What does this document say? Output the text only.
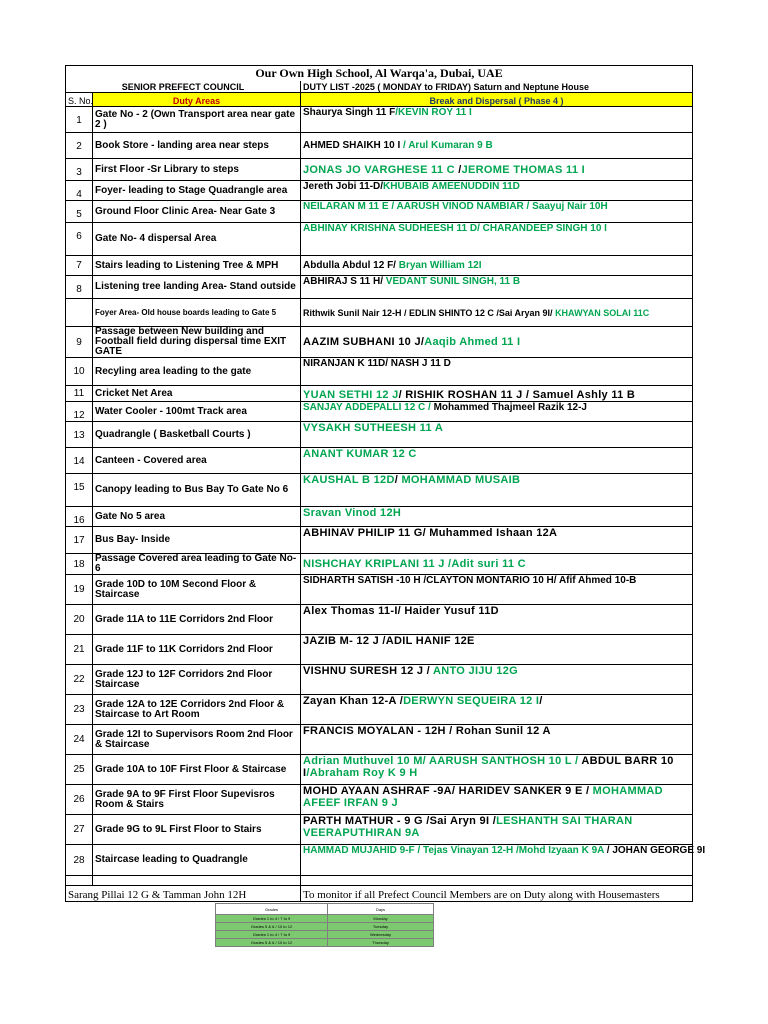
Our Own High School, Al Warqa'a, Dubai, UAE		
SENIOR PREFECT COUNCIL		DUTY LIST -2025 ( MONDAY to FRIDAY) Saturn and Neptune House
S. No.	Duty Areas	Break and Dispersal ( Phase 4 )
1	Gate No - 2 (Own Transport area near gate 2 )	Shaurya Singh 11 F/KEVIN ROY 11 I
2	Book Store - landing area near steps	AHMED SHAIKH 10 I / Arul Kumaran 9 B
3	First Floor -Sr Library to steps	JONAS JO VARGHESE 11 C /JEROME THOMAS 11 I
4	Foyer- leading to Stage Quadrangle area	Jereth Jobi 11-D/KHUBAIB AMEENUDDIN 11D
5	Ground Floor Clinic Area- Near Gate 3	NEILARAN M 11 E / AARUSH VINOD NAMBIAR / Saayuj Nair 10H
6	Gate No- 4 dispersal Area	ABHINAY KRISHNA SUDHEESH 11 D/ CHARANDEEP SINGH 10 I
7	Stairs leading to Listening Tree & MPH	Abdulla Abdul 12 F/ Bryan William 12I
8	Listening tree landing Area- Stand outside	ABHIRAJ S 11 H/ VEDANT SUNIL SINGH, 11 B
	Foyer Area- Old house boards leading to Gate 5	Rithwik Sunil Nair 12-H / EDLIN SHINTO 12 C /Sai Aryan 9I/ KHAWYAN SOLAI 11C
9	Passage between New building and Football field during dispersal time EXIT GATE	AAZIM SUBHANI 10 J/Aaqib Ahmed 11 I
10	Recyling area leading to the gate	NIRANJAN K 11D/ NASH J 11 D
11	Cricket Net Area	YUAN SETHI 12 J/ RISHIK ROSHAN 11 J / Samuel Ashly 11 B
12	Water Cooler - 100mt Track area	SANJAY ADDEPALLI 12 C / Mohammed Thajmeel Razik 12-J
13	Quadrangle ( Basketball Courts )	VYSAKH SUTHEESH 11 A
14	Canteen - Covered area	ANANT KUMAR 12 C
15	Canopy leading to Bus Bay To Gate No 6	KAUSHAL B 12D/ MOHAMMAD MUSAIB
16	Gate No 5 area	Sravan Vinod 12H
17	Bus Bay- Inside	ABHINAV PHILIP 11 G/ Muhammed Ishaan 12A
18	Passage Covered area leading to Gate No-6	NISHCHAY KRIPLANI 11 J /Adit suri 11 C
19	Grade 10D to 10M Second Floor & Staircase	SIDHARTH SATISH -10 H /CLAYTON MONTARIO 10 H/ Afif Ahmed 10-B
20	Grade 11A to 11E Corridors 2nd Floor	Alex Thomas 11-I/ Haider Yusuf 11D
21	Grade 11F to 11K Corridors 2nd Floor	JAZIB M- 12 J /ADIL HANIF 12E
22	Grade 12J to 12F Corridors 2nd Floor Staircase	VISHNU SURESH 12 J / ANTO JIJU 12G
23	Grade 12A to 12E Corridors 2nd Floor & Staircase to Art Room	Zayan Khan 12-A /DERWYN SEQUEIRA 12 I/
24	Grade 12I to Supervisors Room 2nd Floor & Staircase	FRANCIS MOYALAN - 12H / Rohan Sunil 12 A
25	Grade 10A to 10F First Floor & Staircase	Adrian Muthuvel 10 M/ AARUSH SANTHOSH 10 L / ABDUL BARR 10 I/Abraham Roy K 9 H
26	Grade 9A to 9F First Floor Supevisros Room & Stairs	MOHD AYAAN ASHRAF -9A/ HARIDEV SANKER 9 E / MOHAMMAD AFEEF IRFAN 9 J
27	Grade 9G to 9L First Floor to Stairs	PARTH MATHUR - 9 G /Sai Aryn 9I /LESHANTH SAI THARAN VEERAPUTHIRAN 9A
28	Staircase leading to Quadrangle	HAMMAD MUJAHID 9-F / Tejas Vinayan 12-H /Mohd Izyaan K 9A / JOHAN GEORGE 9I

Sarang Pillai 12 G & Tamman John 12H		To monitor if all Prefect Council Members are on Duty along with Housemasters
Grades	Days
Grades 1 to 4 / 7 to 9	Monday
Grades 5 & 6 / 10 to 12	Tuesday
Grades 1 to 4 / 7 to 9	Wednesday
Grades 5 & 6 / 10 to 12	Thursday
